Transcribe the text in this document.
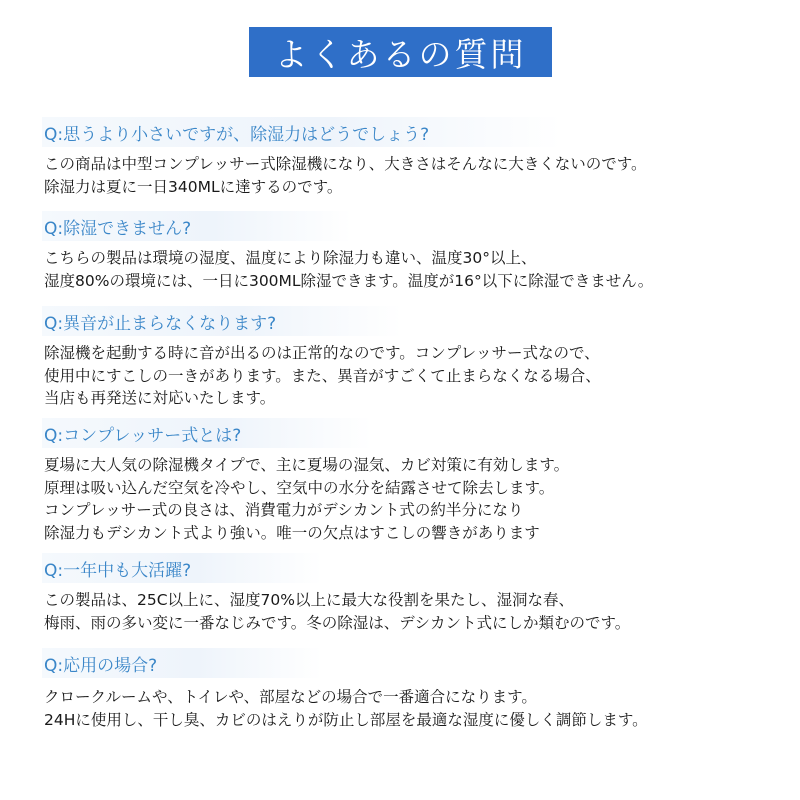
よくあるの質問
Q:思うより小さいですが、除湿力はどうでしょう?
この商品は中型コンプレッサー式除湿機になり、大きさはそんなに大きくないのです。
除湿力は夏に一日340MLに達するのです。
Q:除湿できません?
こちらの製品は環境の湿度、温度により除湿力も違い、温度30°以上、
湿度80%の環境には、一日に300ML除湿できます。温度が16°以下に除湿できません。
Q:異音が止まらなくなります?
除湿機を起動する時に音が出るのは正常的なのです。コンプレッサー式なので、
使用中にすこしの一きがあります。また、異音がすごくて止まらなくなる場合、
当店も再発送に対応いたします。
Q:コンプレッサー式とは?
夏場に大人気の除湿機タイプで、主に夏場の湿気、カビ対策に有効します。
原理は吸い込んだ空気を冷やし、空気中の水分を結露させて除去します。
コンプレッサー式の良さは、消費電力がデシカント式の約半分になり
除湿力もデシカント式より強い。唯一の欠点はすこしの響きがあります
Q:一年中も大活躍?
この製品は、25C以上に、湿度70%以上に最大な役割を果たし、湿洞な春、
梅雨、雨の多い変に一番なじみです。冬の除湿は、デシカント式にしか類むのです。
Q:応用の場合?
クロークルームや、トイレや、部屋などの場合で一番適合になります。
24Hに使用し、干し臭、カビのはえりが防止し部屋を最適な湿度に優しく調節します。
